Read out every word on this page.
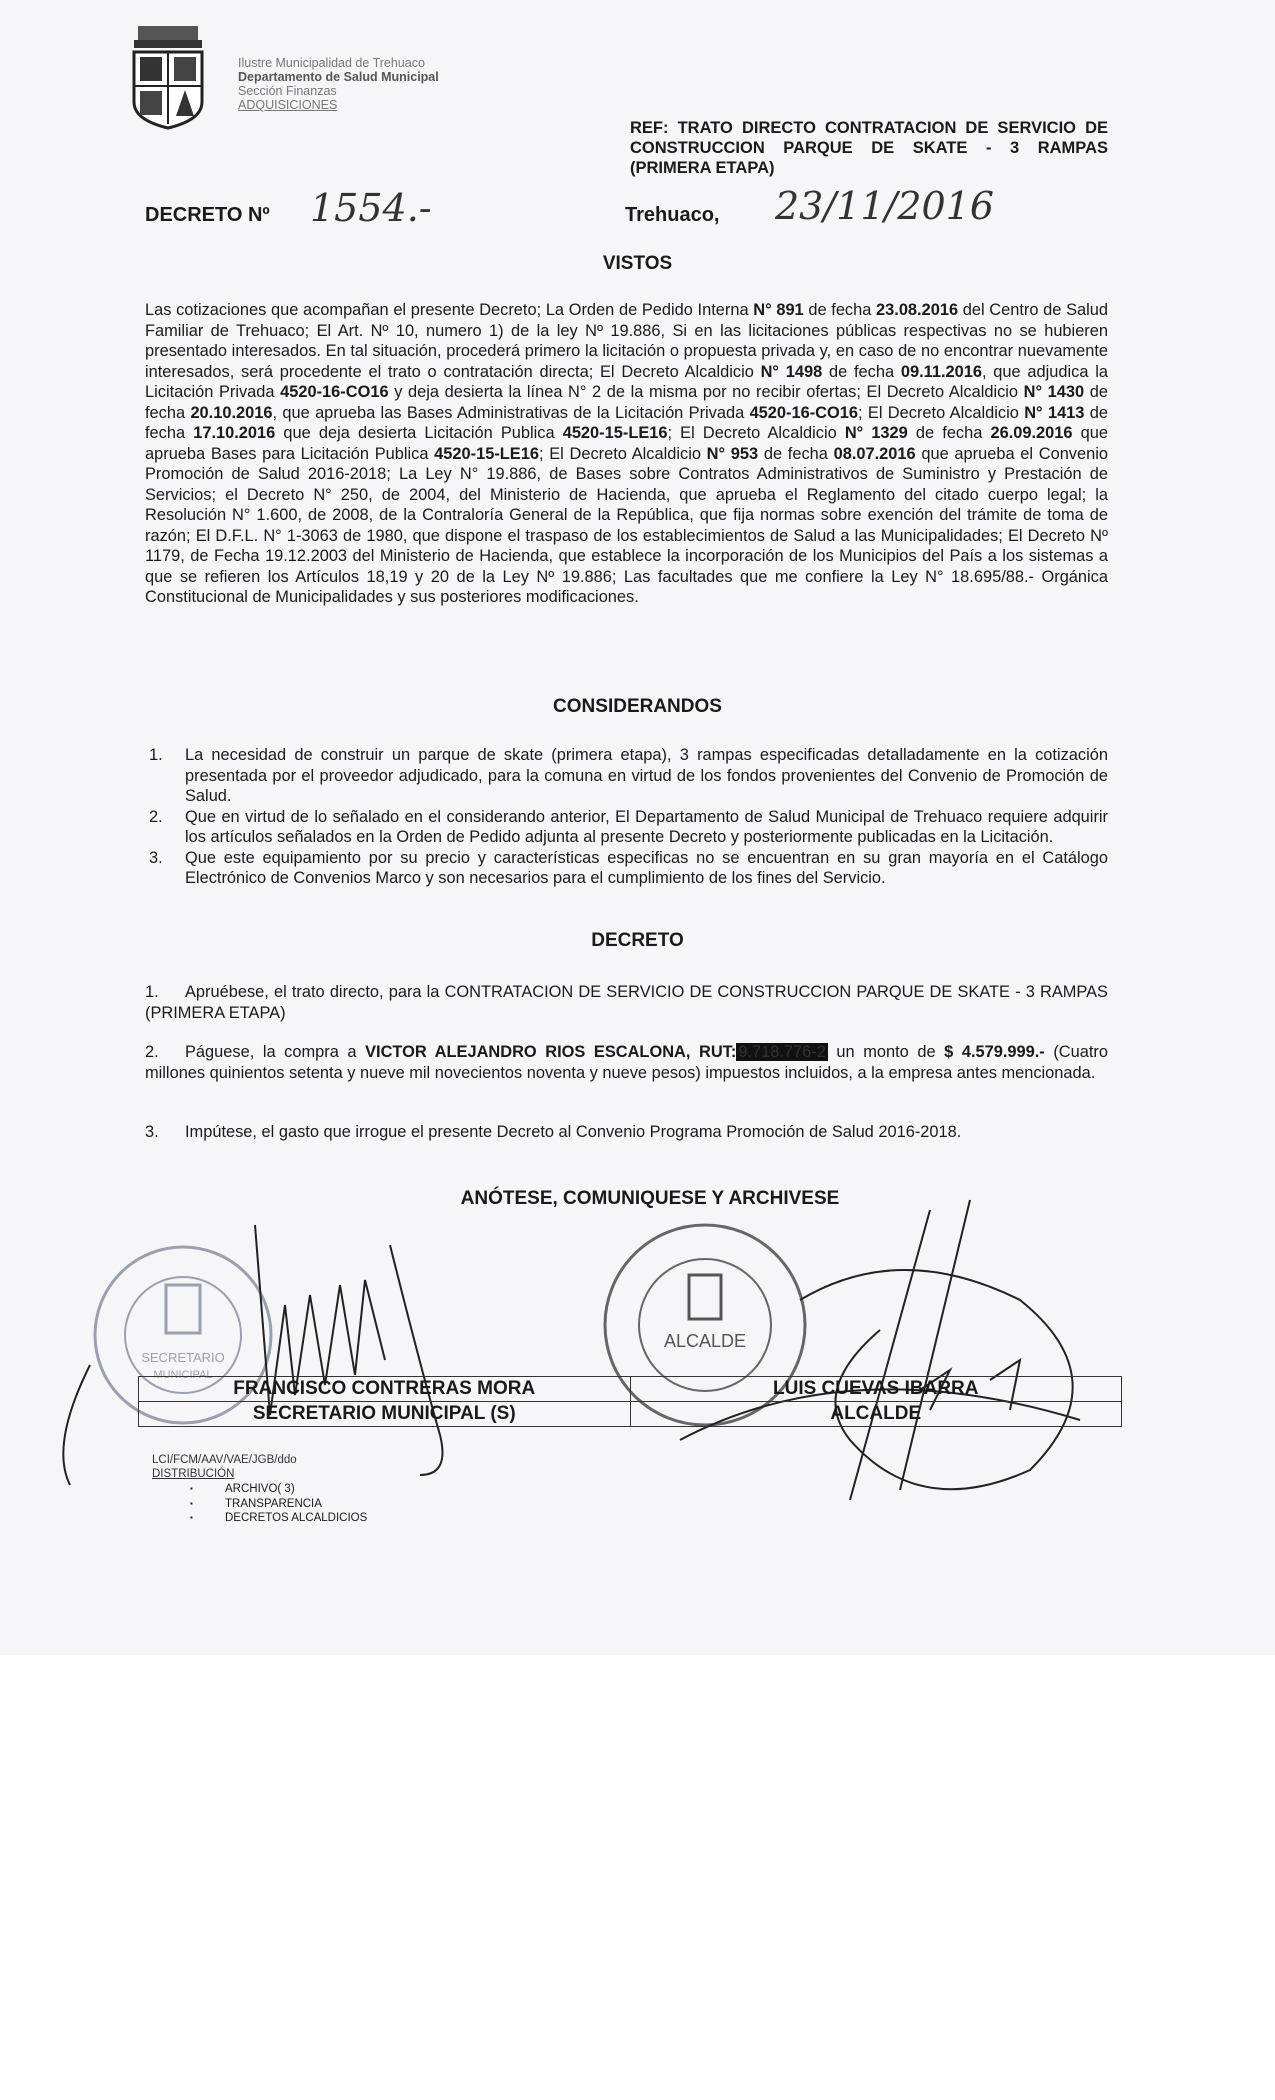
Ilustre Municipalidad de Trehuaco
Departamento de Salud Municipal
Sección Finanzas
ADQUISICIONES
REF: TRATO DIRECTO CONTRATACION DE SERVICIO DE CONSTRUCCION PARQUE DE SKATE - 3 RAMPAS (PRIMERA ETAPA)
DECRETO Nº 1554.-	Trehuaco, 23/11/2016
VISTOS
Las cotizaciones que acompañan el presente Decreto; La Orden de Pedido Interna N° 891 de fecha 23.08.2016 del Centro de Salud Familiar de Trehuaco; El Art. Nº 10, numero 1) de la ley Nº 19.886, Si en las licitaciones públicas respectivas no se hubieren presentado interesados. En tal situación, procederá primero la licitación o propuesta privada y, en caso de no encontrar nuevamente interesados, será procedente el trato o contratación directa; El Decreto Alcaldicio N° 1498 de fecha 09.11.2016, que adjudica la Licitación Privada 4520-16-CO16 y deja desierta la línea N° 2 de la misma por no recibir ofertas; El Decreto Alcaldicio N° 1430 de fecha 20.10.2016, que aprueba las Bases Administrativas de la Licitación Privada 4520-16-CO16; El Decreto Alcaldicio N° 1413 de fecha 17.10.2016 que deja desierta Licitación Publica 4520-15-LE16; El Decreto Alcaldicio N° 1329 de fecha 26.09.2016 que aprueba Bases para Licitación Publica 4520-15-LE16; El Decreto Alcaldicio N° 953 de fecha 08.07.2016 que aprueba el Convenio Promoción de Salud 2016-2018; La Ley N° 19.886, de Bases sobre Contratos Administrativos de Suministro y Prestación de Servicios; el Decreto N° 250, de 2004, del Ministerio de Hacienda, que aprueba el Reglamento del citado cuerpo legal; la Resolución N° 1.600, de 2008, de la Contraloría General de la República, que fija normas sobre exención del trámite de toma de razón; El D.F.L. N° 1-3063 de 1980, que dispone el traspaso de los establecimientos de Salud a las Municipalidades; El Decreto Nº 1179, de Fecha 19.12.2003 del Ministerio de Hacienda, que establece la incorporación de los Municipios del País a los sistemas a que se refieren los Artículos 18,19 y 20 de la Ley Nº 19.886; Las facultades que me confiere la Ley N° 18.695/88.- Orgánica Constitucional de Municipalidades y sus posteriores modificaciones.
CONSIDERANDOS
1. La necesidad de construir un parque de skate (primera etapa), 3 rampas especificadas detalladamente en la cotización presentada por el proveedor adjudicado, para la comuna en virtud de los fondos provenientes del Convenio de Promoción de Salud.
2. Que en virtud de lo señalado en el considerando anterior, El Departamento de Salud Municipal de Trehuaco requiere adquirir los artículos señalados en la Orden de Pedido adjunta al presente Decreto y posteriormente publicadas en la Licitación.
3. Que este equipamiento por su precio y características especificas no se encuentran en su gran mayoría en el Catálogo Electrónico de Convenios Marco y son necesarios para el cumplimiento de los fines del Servicio.
DECRETO
1. Apruébese, el trato directo, para la CONTRATACION DE SERVICIO DE CONSTRUCCION PARQUE DE SKATE - 3 RAMPAS (PRIMERA ETAPA)
2. Páguese, la compra a VICTOR ALEJANDRO RIOS ESCALONA, RUT: 9.718.776-2 un monto de $ 4.579.999.- (Cuatro millones quinientos setenta y nueve mil novecientos noventa y nueve pesos) impuestos incluidos, a la empresa antes mencionada.
3. Impútese, el gasto que irrogue el presente Decreto al Convenio Programa Promoción de Salud 2016-2018.
ANÓTESE, COMUNIQUESE Y ARCHIVESE
SECRETARIO
MUNICIPAL
ALCALDE
FRANCISCO CONTRERAS MORA	LUIS CUEVAS IBARRA
SECRETARIO MUNICIPAL (S)	ALCALDE
LCI/FCM/AAV/VAE/JGB/ddo
DISTRIBUCIÓN
▪ ARCHIVO( 3)
▪ TRANSPARENCIA
▪ DECRETOS ALCALDICIOS
